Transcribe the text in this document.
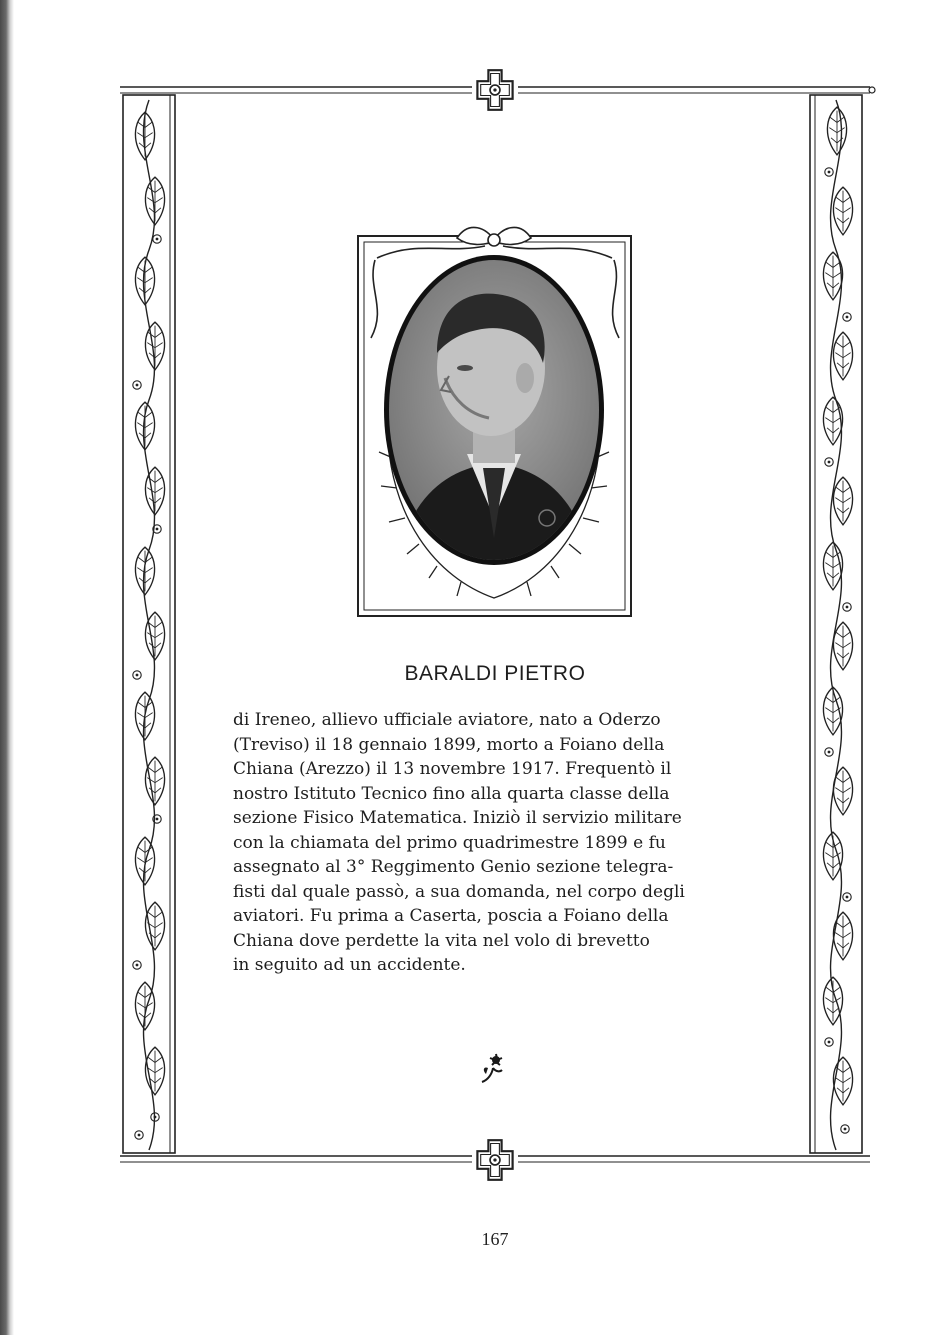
BARALDI PIETRO

di Ireneo, allievo ufficiale aviatore, nato a Oderzo

(Treviso) il 18 gennaio 1899, morto a Foiano della

Chiana (Arezzo) il 13 novembre 1917. Frequentò il

nostro Istituto Tecnico fino alla quarta classe della

sezione Fisico Matematica. Iniziò il servizio militare

con la chiamata del primo quadrimestre 1899 e fu

assegnato al 3° Reggimento Genio sezione telegra-

fisti dal quale passò, a sua domanda, nel corpo degli

aviatori. Fu prima a Caserta, poscia a Foiano della

Chiana dove perdette la vita nel volo di brevetto

in seguito ad un accidente.

167
